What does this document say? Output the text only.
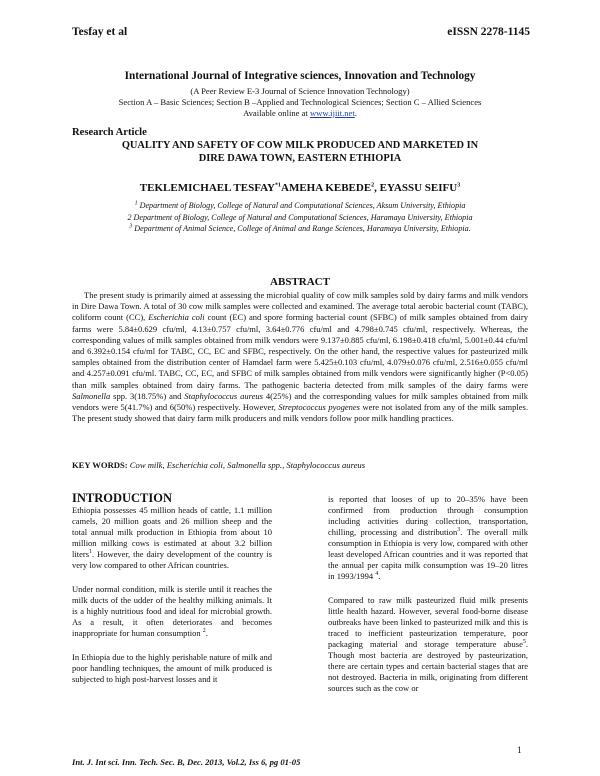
Tesfay et al	eISSN 2278-1145
International Journal of Integrative sciences, Innovation and Technology
(A Peer Review E-3 Journal of Science Innovation Technology)
Section A – Basic Sciences; Section B –Applied and Technological Sciences; Section C – Allied Sciences
Available online at www.ijiit.net.
Research Article
QUALITY AND SAFETY OF COW MILK PRODUCED AND MARKETED IN DIRE DAWA TOWN, EASTERN ETHIOPIA
TEKLEMICHAEL TESFAY$^{*1}$AMEHA KEBEDE$^2$, EYASSU SEIFU$^3$
$^1$ Department of Biology, College of Natural and Computational Sciences, Aksum University, Ethiopia
2 Department of Biology, College of Natural and Computational Sciences, Haramaya University, Ethiopia
$^3$ Department of Animal Science, College of Animal and Range Sciences, Haramaya University, Ethiopia.
ABSTRACT

The present study is primarily aimed at assessing the microbial quality of cow milk samples sold by dairy farms and milk vendors in Dire Dawa Town. A total of 30 cow milk samples were collected and examined. The average total aerobic bacterial count (TABC), coliform count (CC), Escherichia coli count (EC) and spore forming bacterial count (SFBC) of milk samples obtained from dairy farms were 5.84±0.629 cfu/ml, 4.13±0.757 cfu/ml, 3.64±0.776 cfu/ml and 4.798±0.745 cfu/ml, respectively. Whereas, the corresponding values of milk samples obtained from milk vendors were 9.137±0.885 cfu/ml, 6.198±0.418 cfu/ml, 5.001±0.44 cfu/ml and 6.392±0.154 cfu/ml for TABC, CC, EC and SFBC, respectively. On the other hand, the respective values for pasteurized milk samples obtained from the distribution center of Hamdael farm were 5.425±0.103 cfu/ml, 4.079±0.076 cfu/ml, 2.516±0.055 cfu/ml and 4.257±0.091 cfu/ml. TABC, CC, EC, and SFBC of milk samples obtained from milk vendors were significantly higher (P<0.05) than milk samples obtained from dairy farms. The pathogenic bacteria detected from milk samples of the dairy farms were Salmonella spp. 3(18.75%) and Staphylococcus aureus 4(25%) and the corresponding values for milk samples obtained from milk vendors were 5(41.7%) and 6(50%) respectively. However, Streptococcus pyogenes were not isolated from any of the milk samples. The present study showed that dairy farm milk producers and milk vendors follow poor milk handling practices.

KEY WORDS: Cow milk, Escherichia coli, Salmonella spp., Staphylococcus aureus
INTRODUCTION

Ethiopia possesses 45 million heads of cattle, 1.1 million camels, 20 million goats and 26 million sheep and the total annual milk production in Ethiopia from about 10 million milking cows is estimated at about 3.2 billion liters$^1$. However, the dairy development of the country is very low compared to other African countries.

Under normal condition, milk is sterile until it reaches the milk ducts of the udder of the healthy milking animals. It is a highly nutritious food and ideal for microbial growth. As a result, it often deteriorates and becomes inappropriate for human consumption $^2$.

In Ethiopia due to the highly perishable nature of milk and poor handling techniques, the amount of milk produced is subjected to high post-harvest losses and it

is reported that looses of up to 20–35% have been confirmed from production through consumption including activities during collection, transportation, chilling, processing and distribution$^3$. The overall milk consumption in Ethiopia is very low, compared with other least developed African countries and it was reported that the annual per capita milk consumption was 19–20 litres in 1993/1994 $^4$.

Compared to raw milk pasteurized fluid milk presents little health hazard. However, several food-borne disease outbreaks have been linked to pasteurized milk and this is traced to inefficient pasteurization temperature, poor packaging material and storage temperature abuse$^5$. Though most bacteria are destroyed by pasteurization, there are certain types and certain bacterial stages that are not destroyed. Bacteria in milk, originating from different sources such as the cow or

1
Int. J. Int sci. Inn. Tech. Sec. B, Dec. 2013, Vol.2, Iss 6, pg 01-05
